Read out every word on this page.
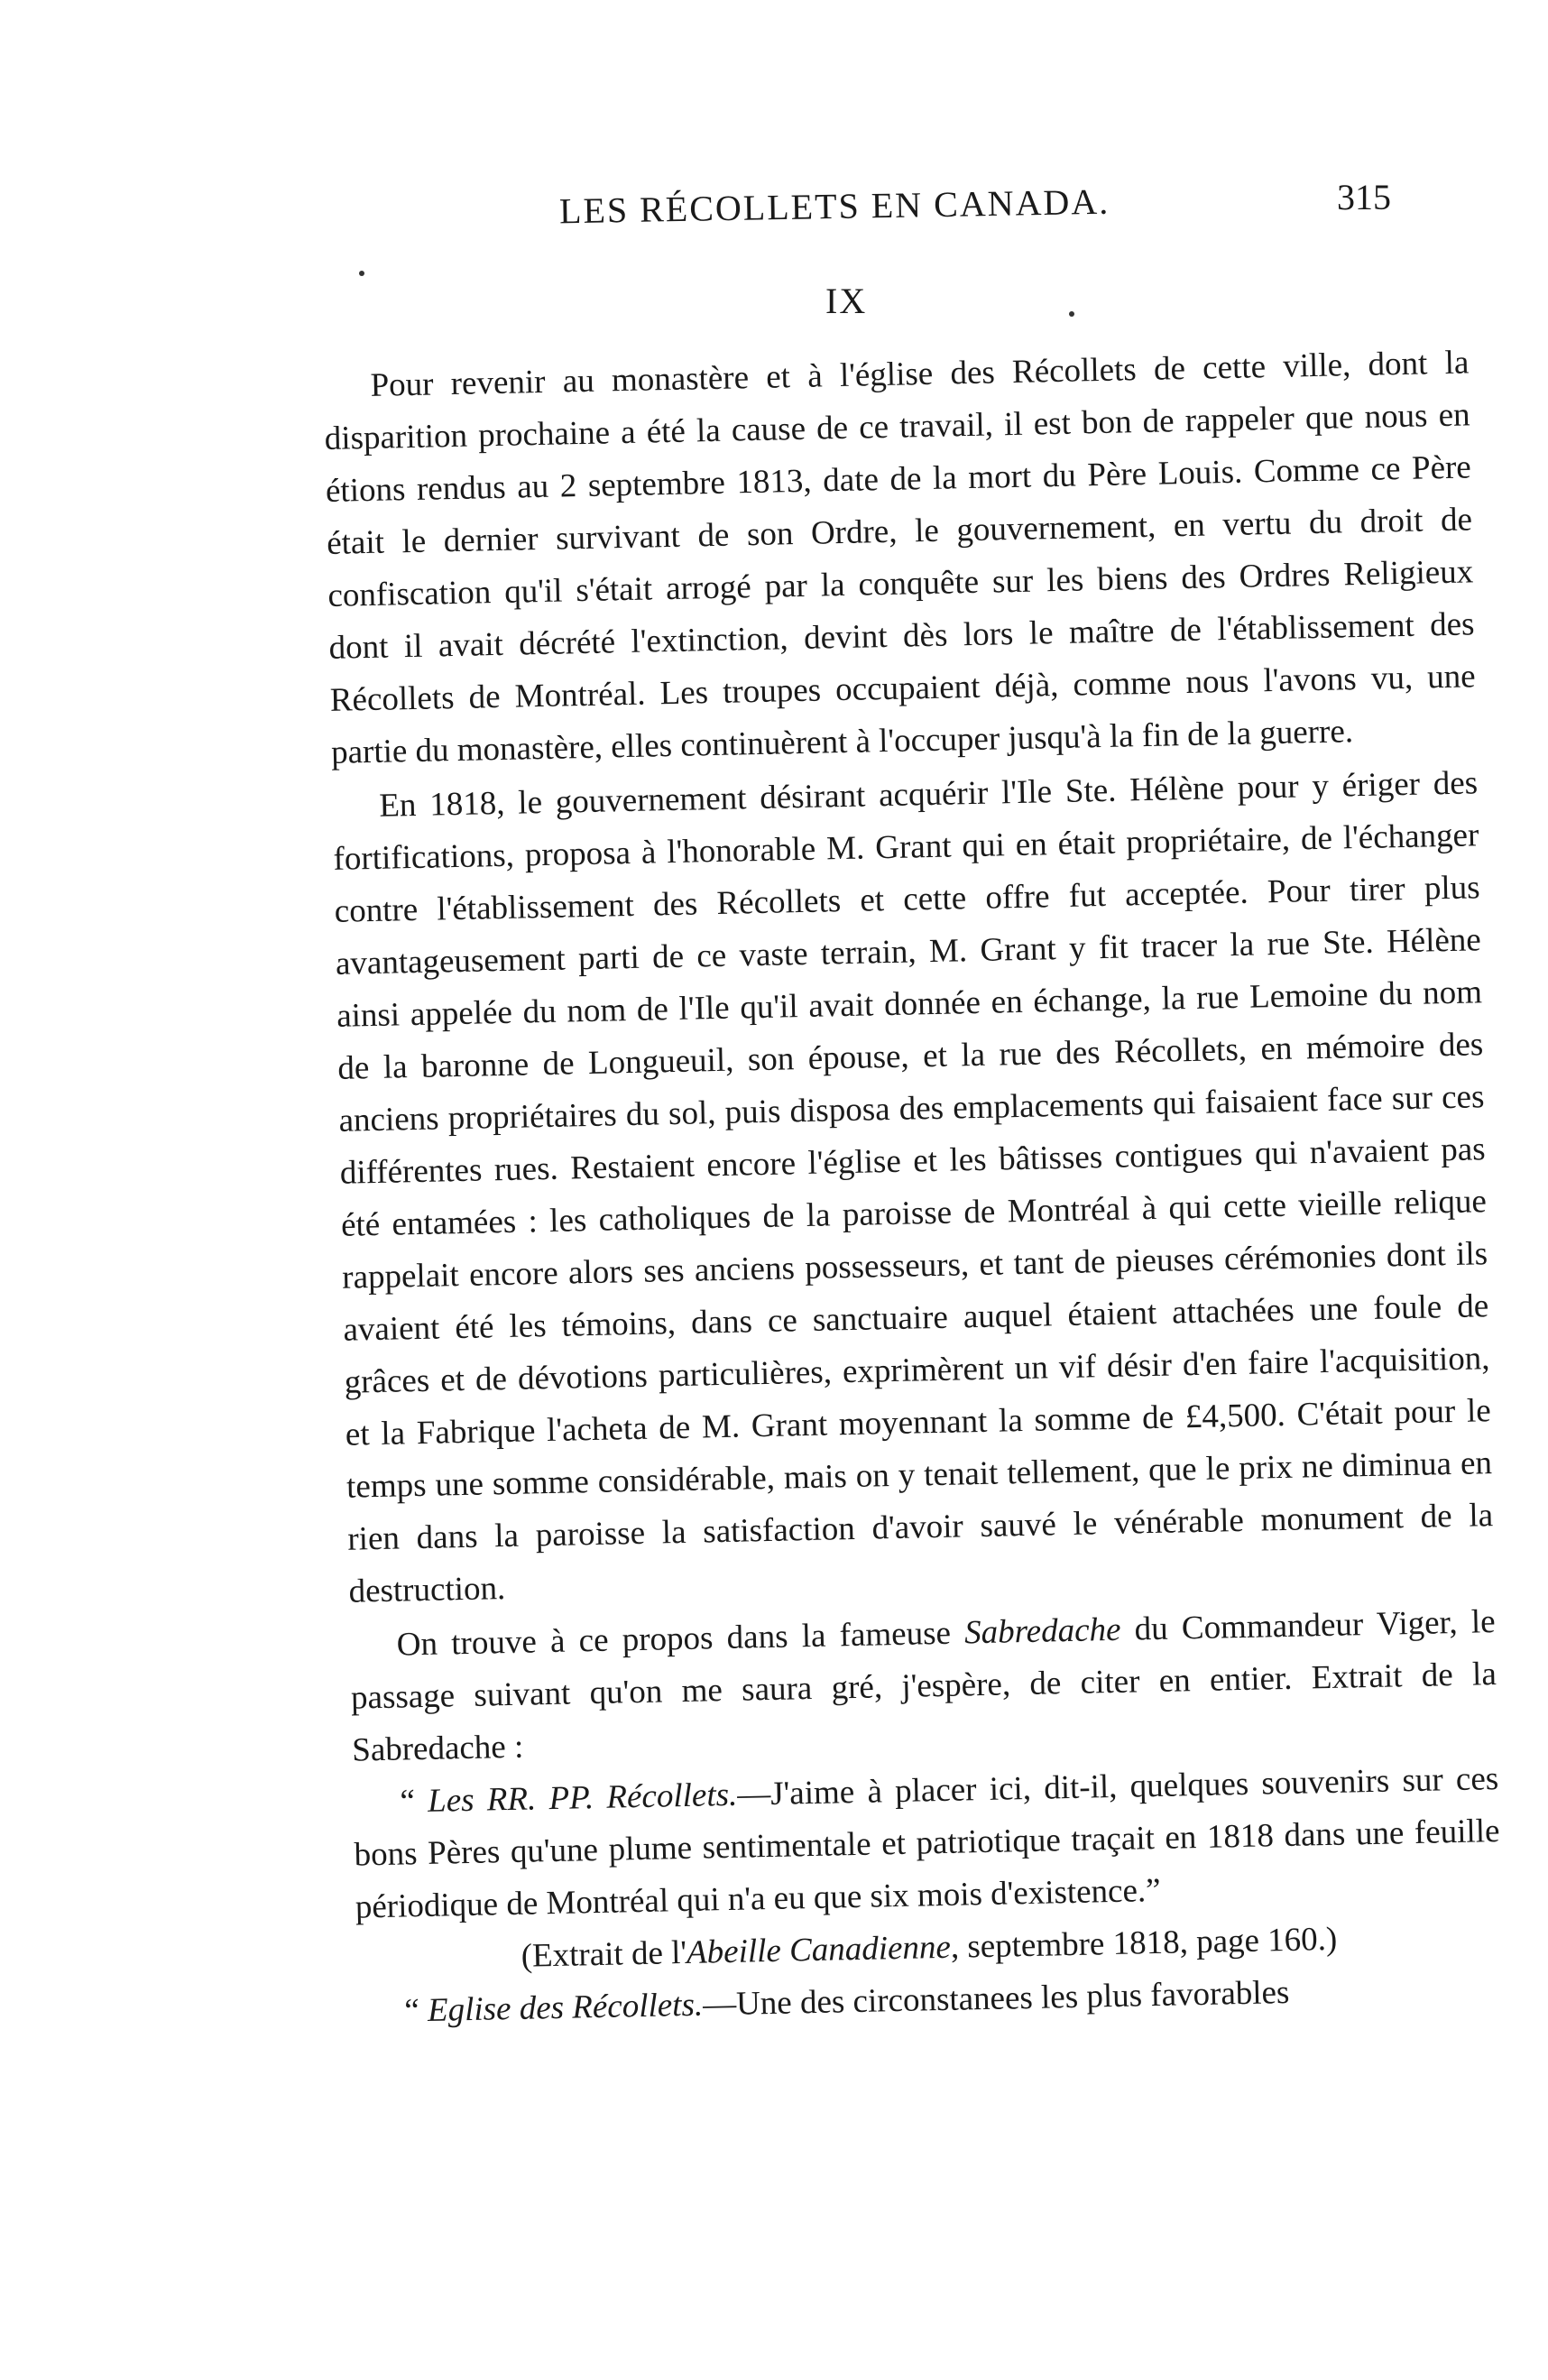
LES RÉCOLLETS EN CANADA.	315
IX

Pour revenir au monastère et à l'église des Récollets de cette ville, dont la disparition prochaine a été la cause de ce travail, il est bon de rappeler que nous en étions rendus au 2 septembre 1813, date de la mort du Père Louis. Comme ce Père était le dernier survivant de son Ordre, le gouvernement, en vertu du droit de confiscation qu'il s'était arrogé par la conquête sur les biens des Ordres Religieux dont il avait décrété l'extinction, devint dès lors le maître de l'établissement des Récollets de Montréal. Les troupes occupaient déjà, comme nous l'avons vu, une partie du monastère, elles continuèrent à l'occuper jusqu'à la fin de la guerre.

En 1818, le gouvernement désirant acquérir l'Ile Ste. Hélène pour y ériger des fortifications, proposa à l'honorable M. Grant qui en était propriétaire, de l'échanger contre l'établissement des Récollets et cette offre fut acceptée. Pour tirer plus avantageusement parti de ce vaste terrain, M. Grant y fit tracer la rue Ste. Hélène ainsi appelée du nom de l'Ile qu'il avait donnée en échange, la rue Lemoine du nom de la baronne de Longueuil, son épouse, et la rue des Récollets, en mémoire des anciens propriétaires du sol, puis disposa des emplacements qui faisaient face sur ces différentes rues. Restaient encore l'église et les bâtisses contigues qui n'avaient pas été entamées : les catholiques de la paroisse de Montréal à qui cette vieille relique rappelait encore alors ses anciens possesseurs, et tant de pieuses cérémonies dont ils avaient été les témoins, dans ce sanctuaire auquel étaient attachées une foule de grâces et de dévotions particulières, exprimèrent un vif désir d'en faire l'acquisition, et la Fabrique l'acheta de M. Grant moyennant la somme de £4,500. C'était pour le temps une somme considérable, mais on y tenait tellement, que le prix ne diminua en rien dans la paroisse la satisfaction d'avoir sauvé le vénérable monument de la destruction.

On trouve à ce propos dans la fameuse Sabredache du Commandeur Viger, le passage suivant qu'on me saura gré, j'espère, de citer en entier. Extrait de la Sabredache :

“ Les RR. PP. Récollets.—J'aime à placer ici, dit-il, quelques souvenirs sur ces bons Pères qu'une plume sentimentale et patriotique traçait en 1818 dans une feuille périodique de Montréal qui n'a eu que six mois d'existence.”

(Extrait de l'Abeille Canadienne, septembre 1818, page 160.)

“ Eglise des Récollets.—Une des circonstanees les plus favorables
